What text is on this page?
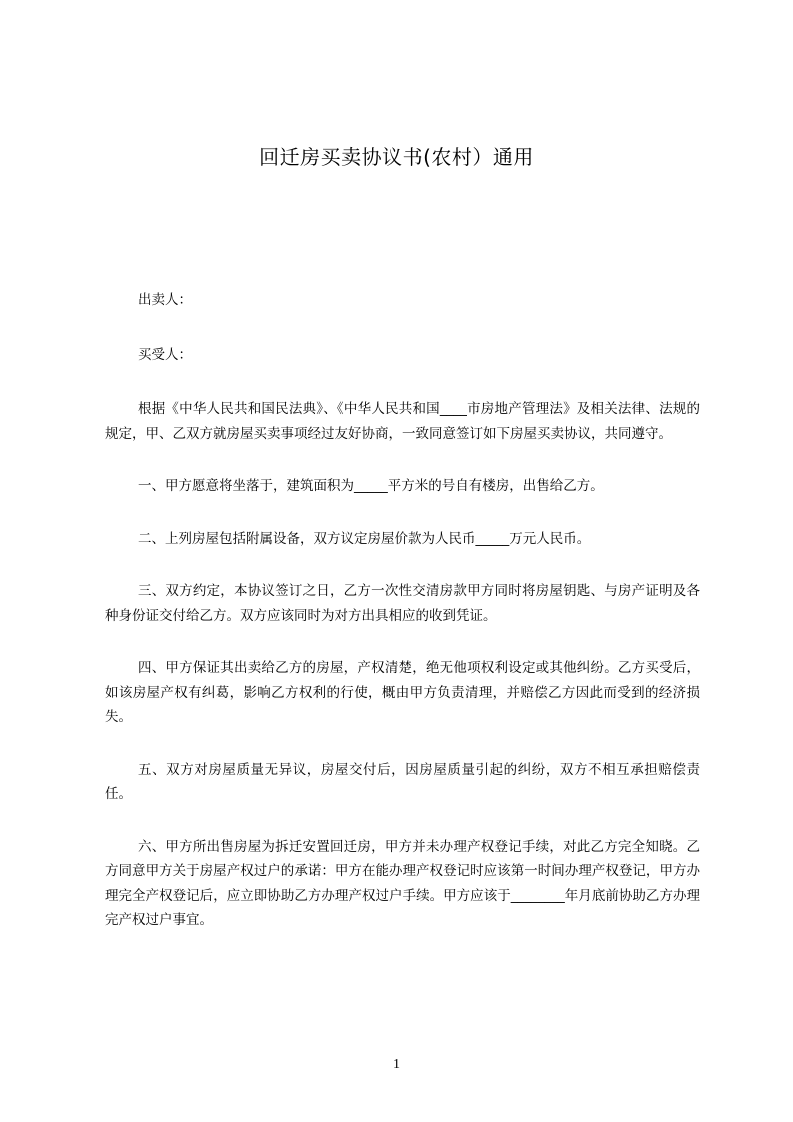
回迁房买卖协议书(农村）通用

出卖人：

买受人：

根据《中华人民共和国民法典》、《中华人民共和国____市房地产管理法》及相关法律、法规的规定，甲、乙双方就房屋买卖事项经过友好协商，一致同意签订如下房屋买卖协议，共同遵守。

一、甲方愿意将坐落于，建筑面积为_____平方米的号自有楼房，出售给乙方。

二、上列房屋包括附属设备，双方议定房屋价款为人民币_____万元人民币。

三、双方约定，本协议签订之日，乙方一次性交清房款甲方同时将房屋钥匙、与房产证明及各种身份证交付给乙方。双方应该同时为对方出具相应的收到凭证。

四、甲方保证其出卖给乙方的房屋，产权清楚，绝无他项权利设定或其他纠纷。乙方买受后，如该房屋产权有纠葛，影响乙方权利的行使，概由甲方负责清理，并赔偿乙方因此而受到的经济损失。

五、双方对房屋质量无异议，房屋交付后，因房屋质量引起的纠纷，双方不相互承担赔偿责任。

六、甲方所出售房屋为拆迁安置回迁房，甲方并未办理产权登记手续，对此乙方完全知晓。乙方同意甲方关于房屋产权过户的承诺：甲方在能办理产权登记时应该第一时间办理产权登记，甲方办理完全产权登记后，应立即协助乙方办理产权过户手续。甲方应该于________年月底前协助乙方办理完产权过户事宜。

1
